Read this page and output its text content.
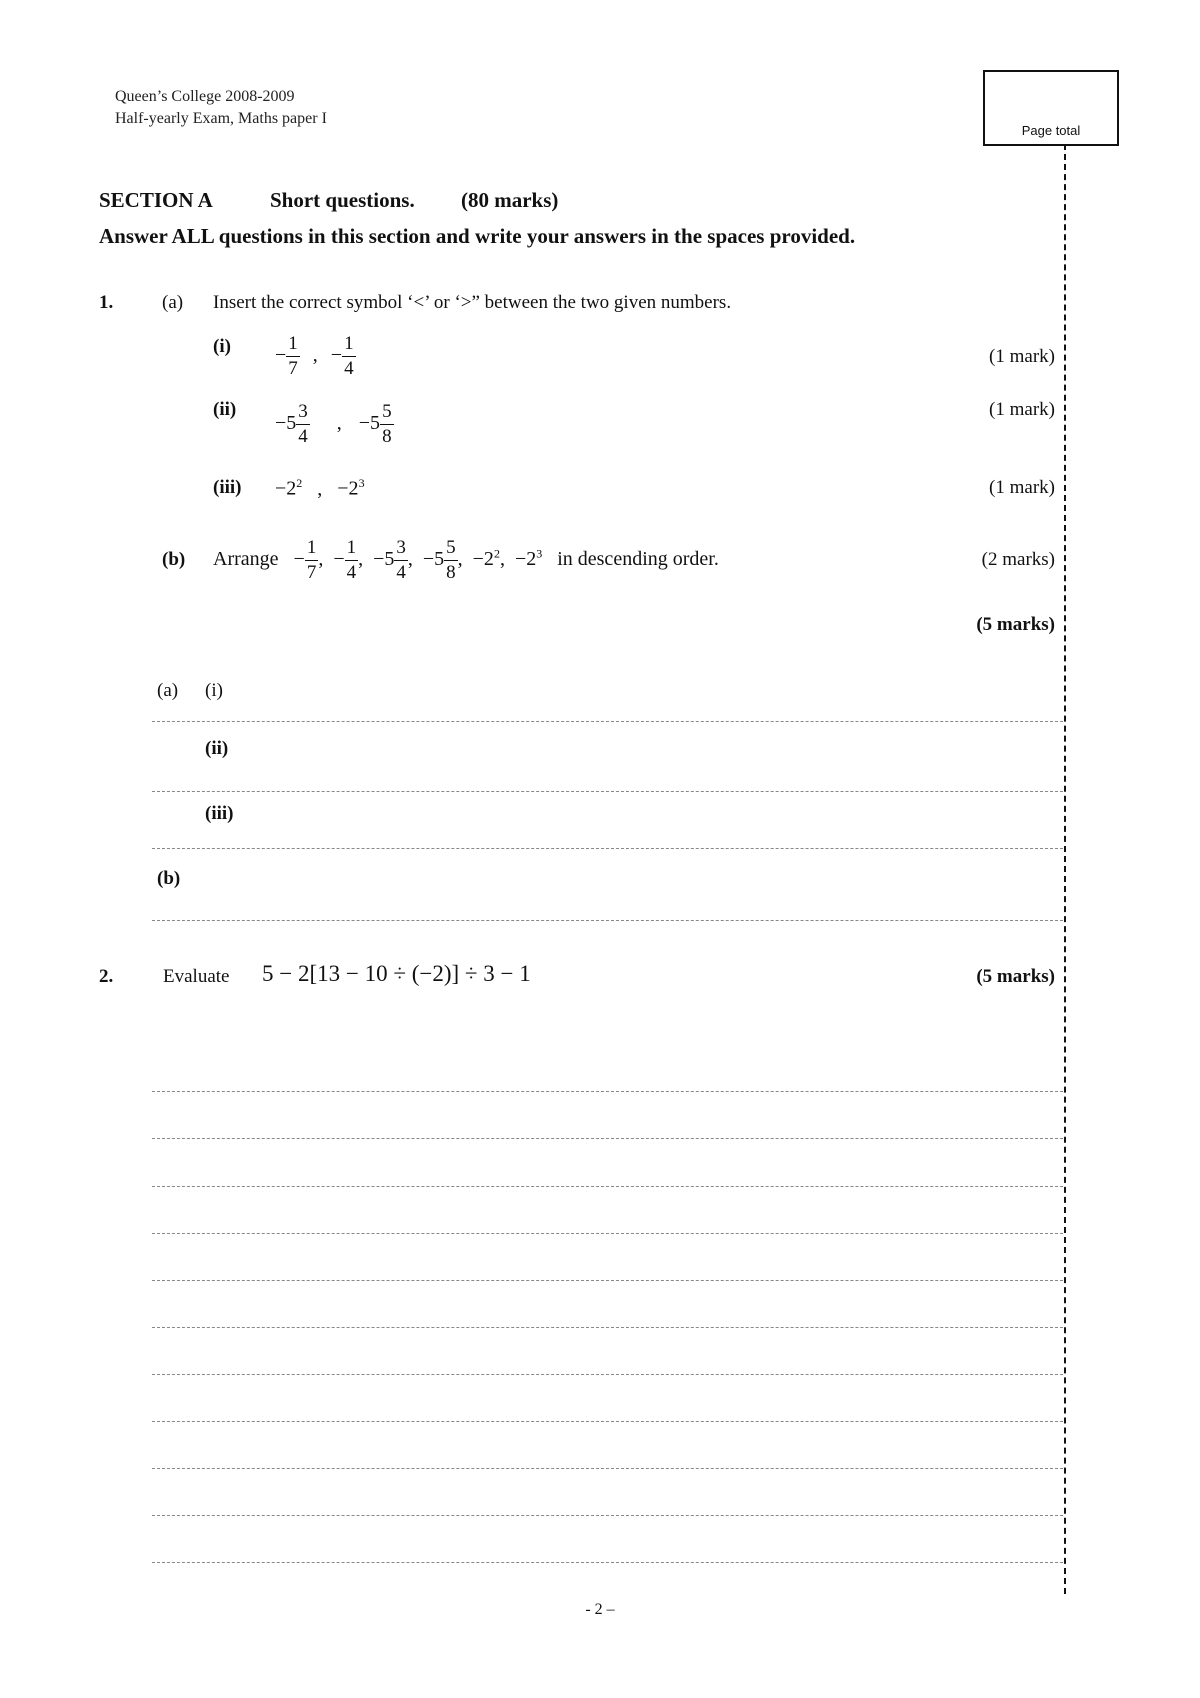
Queen’s College 2008-2009
Half-yearly Exam, Maths paper I
Page total
SECTION A	Short questions. (80 marks)
Answer ALL questions in this section and write your answers in the spaces provided.
1.	(a) Insert the correct symbol ‘<’ or ‘>” between the two given numbers.
$(i) - \frac{1}{7}$ , − $\frac{1}{4}$	(1 mark)
(ii)
$-5 \frac{3}{4}$ , $-5 \frac{5}{8}$	(1 mark)
$(iii) -2^2$ , $-2^3$	(1 mark)
(b) Arrange − $\frac{1}{7}$ , − $\frac{1}{4}$ , $-5 \frac{3}{4}$ , $-5 \frac{5}{8}$ , $-2^2$, $-2^3$ in descending order.	(2 marks)
(5 marks)
(a) (i)
(ii)
(iii)
(b)
2.	Evaluate 5 − 2[13 − 10 ÷ (−2)] ÷ 3 − 1	(5 marks)
- 2 –
